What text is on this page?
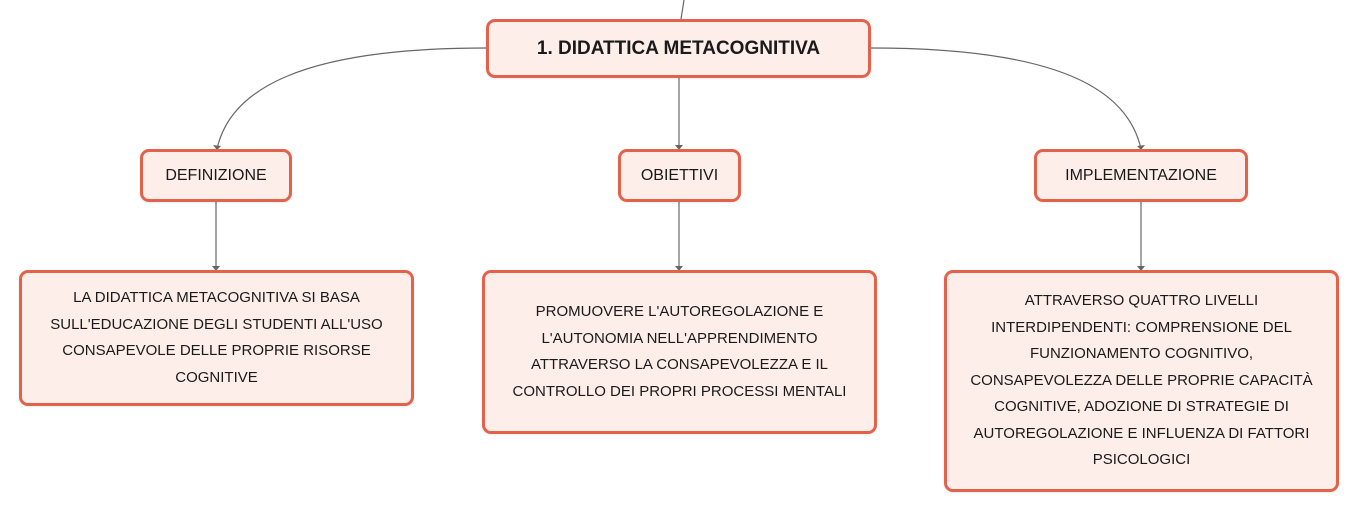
1. DIDATTICA METACOGNITIVA
DEFINIZIONE	OBIETTIVI	IMPLEMENTAZIONE
LA DIDATTICA METACOGNITIVA SI BASA SULL'EDUCAZIONE DEGLI STUDENTI ALL'USO CONSAPEVOLE DELLE PROPRIE RISORSE COGNITIVE
PROMUOVERE L'AUTOREGOLAZIONE E L'AUTONOMIA NELL'APPRENDIMENTO ATTRAVERSO LA CONSAPEVOLEZZA E IL CONTROLLO DEI PROPRI PROCESSI MENTALI
ATTRAVERSO QUATTRO LIVELLI INTERDIPENDENTI: COMPRENSIONE DEL FUNZIONAMENTO COGNITIVO, CONSAPEVOLEZZA DELLE PROPRIE CAPACITÀ COGNITIVE, ADOZIONE DI STRATEGIE DI AUTOREGOLAZIONE E INFLUENZA DI FATTORI PSICOLOGICI
